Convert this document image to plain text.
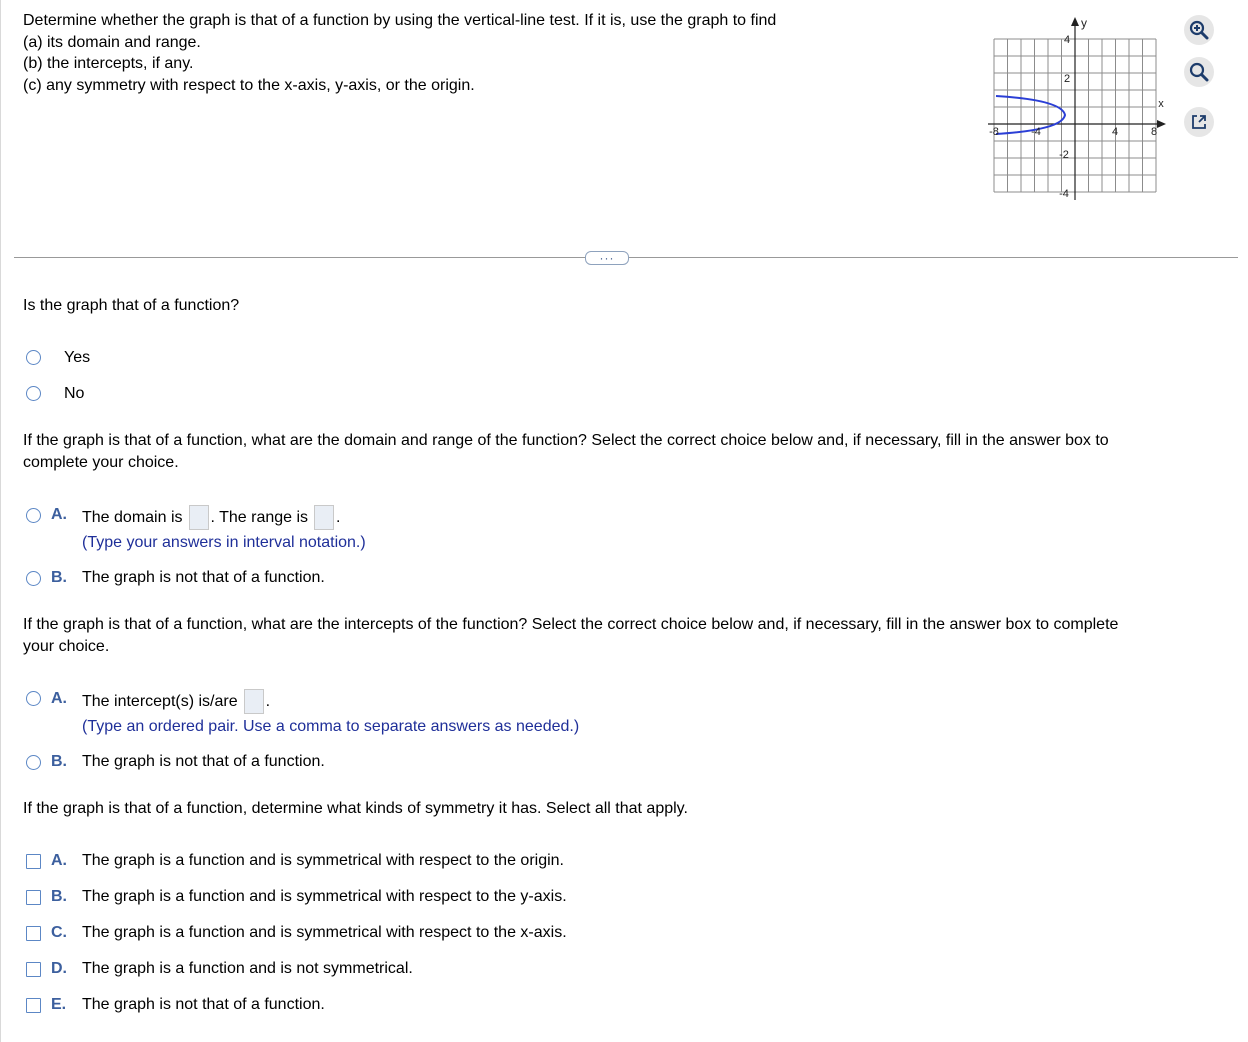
Determine whether the graph is that of a function by using the vertical-line test. If it is, use the graph to find
(a) its domain and range.
(b) the intercepts, if any.
(c) any symmetry with respect to the x-axis, y-axis, or the origin.
x
y
-8	-4	4	8
4
2
-2
-4
···
Is the graph that of a function?
Yes
No
If the graph is that of a function, what are the domain and range of the function? Select the correct choice below and, if necessary, fill in the answer box to
complete your choice.
A. The domain is . The range is .
(Type your answers in interval notation.)
B. The graph is not that of a function.
If the graph is that of a function, what are the intercepts of the function? Select the correct choice below and, if necessary, fill in the answer box to complete
your choice.
A. The intercept(s) is/are .
(Type an ordered pair. Use a comma to separate answers as needed.)
B. The graph is not that of a function.
If the graph is that of a function, determine what kinds of symmetry it has. Select all that apply.
A. The graph is a function and is symmetrical with respect to the origin.
B. The graph is a function and is symmetrical with respect to the y-axis.
C. The graph is a function and is symmetrical with respect to the x-axis.
D. The graph is a function and is not symmetrical.
E. The graph is not that of a function.
